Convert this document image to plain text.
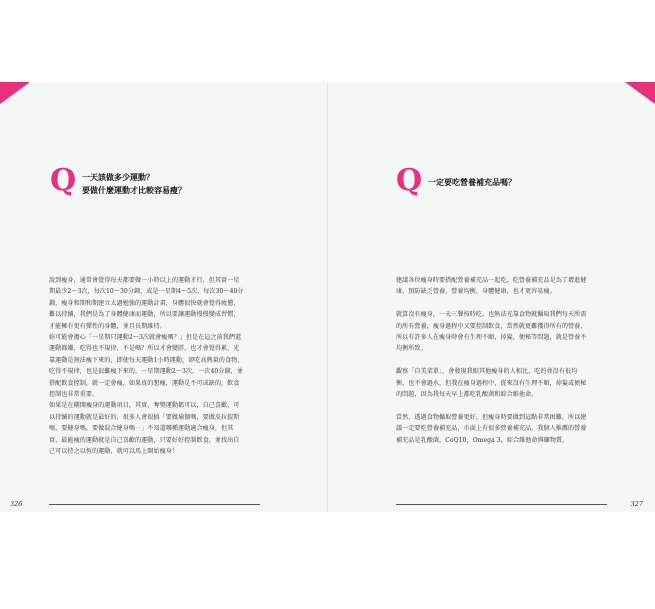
Q 一天該做多少運動？
要做什麼運動才比較容易瘦？

說到瘦身，通常會覺得每天都要做一小時以上的運動才行，但其實一星

期最少2～3次，每次10～30分鐘，或是一星期4～5次、每次30～40分

鐘，瘦身和期和期建立太過勉強的運動計畫，身體很快就會覺得疲憊，

難以持續，我們是為了身體健康而運動，所以要讓運動慢慢變成習慣，

才能擁有更有彈性的身體，並且長期維持。

妳可能會擔心「一星期只運動2～3次就會瘦嗎？」但是在這之前我們還

運動都嫌，吃得也不規律，不是嗎？所以才會變胖，也才會覺得累，光

靠運動是無法瘦下來的，即使每天運動1小時運動，卻吃高熱量的食物，

吃得不規律，也是很難瘦下來的，一星期運動2～3次，一次40分鐘，並

搭配飲食控制，就一定會瘦，如果真的想瘦，運動是不可或缺的，飲食

控制也非常重要。

如果是在剛開瘦身的運動項目，其實，奪獎運動都可以，自己喜歡，可

以持續的運動就是最好的，很多人會很搞「要做瑜伽嗎，要做皮拉提斯

嗎，要健身嗎，要做混合健身嗎⋯」不知道哪種運動適合瘦身，但其

實，最能瘦的運動就是自己喜歡的運動，只要好好控制飲食，並找出自

己可以持之以恆的運動，就可以馬上開始瘦身！

326
Q 一定要吃營養補充品嗎？

建議各位瘦身時要搭配營養補充品一起吃，吃營養補充品是為了增進健
康，預防缺乏營養，營養均衡，身體健康，也才更容易瘦。

就算沒有瘦身，一天三餐按時吃，也無法光靠食物就攝取我們每天所需
的所有營養，瘦身過程中又要控制飲食，當然就更難獲得所有的營養，
所以有許多人在瘦身時會有生理不順，掉髮，便秘等問題，就是營養不
均衡所致。

觀察「自美菜單」，會發現我眼其他瘦身的人相比，吃的並沒有很均
衡，也不會過水，但我在瘦身過程中，從來沒有生理不順，掉髮或便秘
的問題，因為我每天早上都吃乳酸菌和綜合維他命。

當然，透過食物攝取營養更好，但瘦身時要做到這點非常困難，所以建
議一定要吃營養補充品，市面上有很多營養補充品，我個人推薦的營養
補充品是乳酸菌，CoQ10，Omega 3，綜合維他命與礦物質。

327
